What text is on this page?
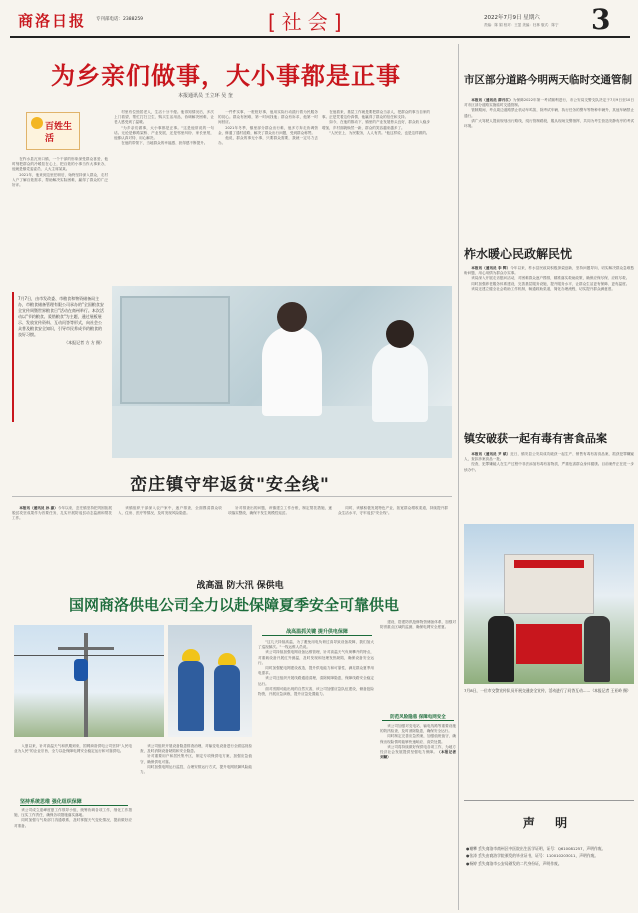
商洛日报 专刊部电话：2388259	[社会]	2022年7月9日 星期六 3
责编：陈 娟 校对：王盈 美编：杜林 版式：陈宁
为乡亲们做事，大小事都是正事
本报通讯员 王立环 吴 奎
百姓生活

在柞水县瓦房口镇，一个干部的形象深受群众喜爱，他时刻把群众的冷暖挂在心上，把百姓的小事当作大事来办，他就是镇党委委员、人大主席某某。

2021年，他来到这里任职后，始终坚持深入群众，走村入户了解百姓需求，帮助解决实际困难，赢得了群众的广泛好评。

村里有位独居老人，生活十分不便。他得知情况后，多次上门看望，帮忙打扫卫生、购买生活用品，协调解决困难，让老人感受到了温暖。

"为乡亲们做事，大小事都是正事。"这是他常说的一句话。无论是修路架桥、产业发展，还是邻里纠纷、家长里短，他都认真对待、用心解决。

在他的带领下，当地群众的幸福感、获得感不断提升。

一件件实事，一桩桩好事，他用实际行动践行着为民服务的初心。群众有困难，第一时间找他；群众有诉求，他第一时间回应。

2021年冬季，镇里部分群众出行难，他多方奔走协调资金，修通了通村道路，解决了群众出行问题，受到群众称赞。

他说，群众的事无小事，只要群众需要，我就一定尽力去办。

在他看来，基层工作就是要把群众当亲人，把群众的事当自家的事。正是凭着这份真情，他赢得了群众的信任和支持。

如今，在他的推动下，镇里的产业发展势头良好，群众收入稳步增加，乡村面貌焕然一新，群众的笑容越来越多了。

"人民至上，为民服务，人人有责。"他这样说，也是这样做的。

7月7日，由市发改委、市粮食和物资储备局主办，市粮食储备管理有限公司承办的"全国粮食安全宣传周暨世界粮食日"活动在商州举行。本次活动以"节约粮食、爱惜粮食"为主题，通过展板展示、发放宣传资料、互动问答等形式，向社会公众普及粮食安全知识，引导市民养成节约粮食的良好习惯。
（本报记者 方 方 摄）
峦庄镇守牢返贫"安全线"

本报讯（通讯员 孙 嘉）今年以来，峦庄镇坚持把巩固拓展脱贫攻坚成果作为首要任务，扎实开展防返贫动态监测和帮扶工作。

该镇组织干部深入农户家中，逐户排查，全面摸清群众收入、住房、医疗等情况，及时发现风险隐患。

针对排查出的问题，该镇建立工作台账，制定帮扶措施，逐项落实整改，确保不发生规模性返贫。

同时，该镇积极发展特色产业，拓宽群众增收渠道，持续提升群众生活水平，守牢返贫"安全线"。

战高温 防大汛 保供电
国网商洛供电公司全力以赴保障夏季安全可靠供电

入夏以来，针对高温天气和汛期到来，国网商洛供电公司坚持"人民电业为人民"的企业宗旨，全力以赴保障电网安全稳定运行和可靠供电。

坚持系统思维 强化组织保障

该公司成立迎峰度夏工作领导小组，统筹协调各项工作，细化工作措施，压实工作责任，确保各项措施落实落地。

同时加强与气象部门沟通联系，及时掌握天气变化情况，提前做好应对准备。

该公司组织开展设备隐患排查治理，对输变电设备进行全面巡视检查，及时消除设备缺陷和安全隐患。

针对重要用户和居民集中区，制定专项保供电方案，加强应急值守，确保供电可靠。

同时加强电网运行监控，合理安排运行方式，提升电网抵御风险能力。

战高温抓关键 提升供电保障

"这几天持续高温，为了避免用电负荷过高导致设备故障，我们加大了巡视频次。"一线运维人员说。

该公司持续加强电网设备运维管理，针对高温天气负荷攀升的特点，对重载设备开展红外测温，及时发现和处理发热缺陷，确保设备安全运行。

同时加强配电网建设改造，提升供电能力和可靠性，满足群众夏季用电需求。

该公司还组织开展线路通道清理，清除树障隐患，保障线路安全稳定运行。

面对汛期可能出现的自然灾害，该公司加强应急队伍建设，储备抢险物资，开展应急演练，提升应急处置能力。

建设，搭建防汛抢修物资储备体系，加强对防汛重点区域的监测，确保电网安全度夏。

防范风险隐患 保障电网安全

该公司加强对变电站、输电线路等重要设施的防汛检查，及时消除隐患，确保安全运行。

同时制定完善应急预案，加强值班值守，确保出现险情时能够快速响应、高效处置。

该公司将持续做好保供电各项工作，为地方经济社会发展提供坚强电力保障。（本报记者 刘颖）

市区部分道路今明两天临时交通管制

本报讯（通讯员 薛丹江）为保障2022年第一考试顺利进行，市公安局交警支队决定于7月9日至10日对市区部分道路实施临时交通管制。

管制期间，考点周边道路禁止机动车鸣笛，除考试车辆、执行任务的警车等特种车辆外，其他车辆禁止通行。

请广大驾驶人提前规划出行路线，绕行管制路段，服从现场交警指挥，共同为考生营造安静有序的考试环境。

柞水暖心民政解民忧

本报讯（通讯员 李 辉）今年以来，柞水县民政局积极探索创新，坚持问题导向，切实解决群众急难愁盼问题，用心用情为群众办实事。

该局深入开展走访慰问活动，对困难群众逐户摸排，精准落实救助政策，确保应保尽保、应救尽救。

同时加强养老服务体系建设，完善基层服务设施，提升服务水平，让群众生活更有保障、更有温度。

该局还建立健全社会救助工作机制，畅通救助渠道，简化办理流程，切实提升群众满意度。

镇安破获一起有毒有害食品案

本报讯（通讯员 尹 斌）近日，镇安县公安局成功破获一起生产、销售有毒有害食品案，抓获犯罪嫌疑人，查扣涉案食品一批。

经查，犯罪嫌疑人在生产过程中非法添加有毒有害物质，严重危害群众身体健康。目前案件正在进一步侦办中。

7月8日，一位市交警宣传队员开展交通安全宣传，活动进行了问答互动……（本报记者 王亚岭 摄）
声 明
●谢攀 丢失商洛市商州区中医院出生医学证明，证号：Q610081257，声明作废。
●张涛 丢失由商洛学院颁发的毕业证书，证号：110010203011，声明作废。
●杨婷 丢失商洛市公安局颁发的二代身份证，声明作废。
